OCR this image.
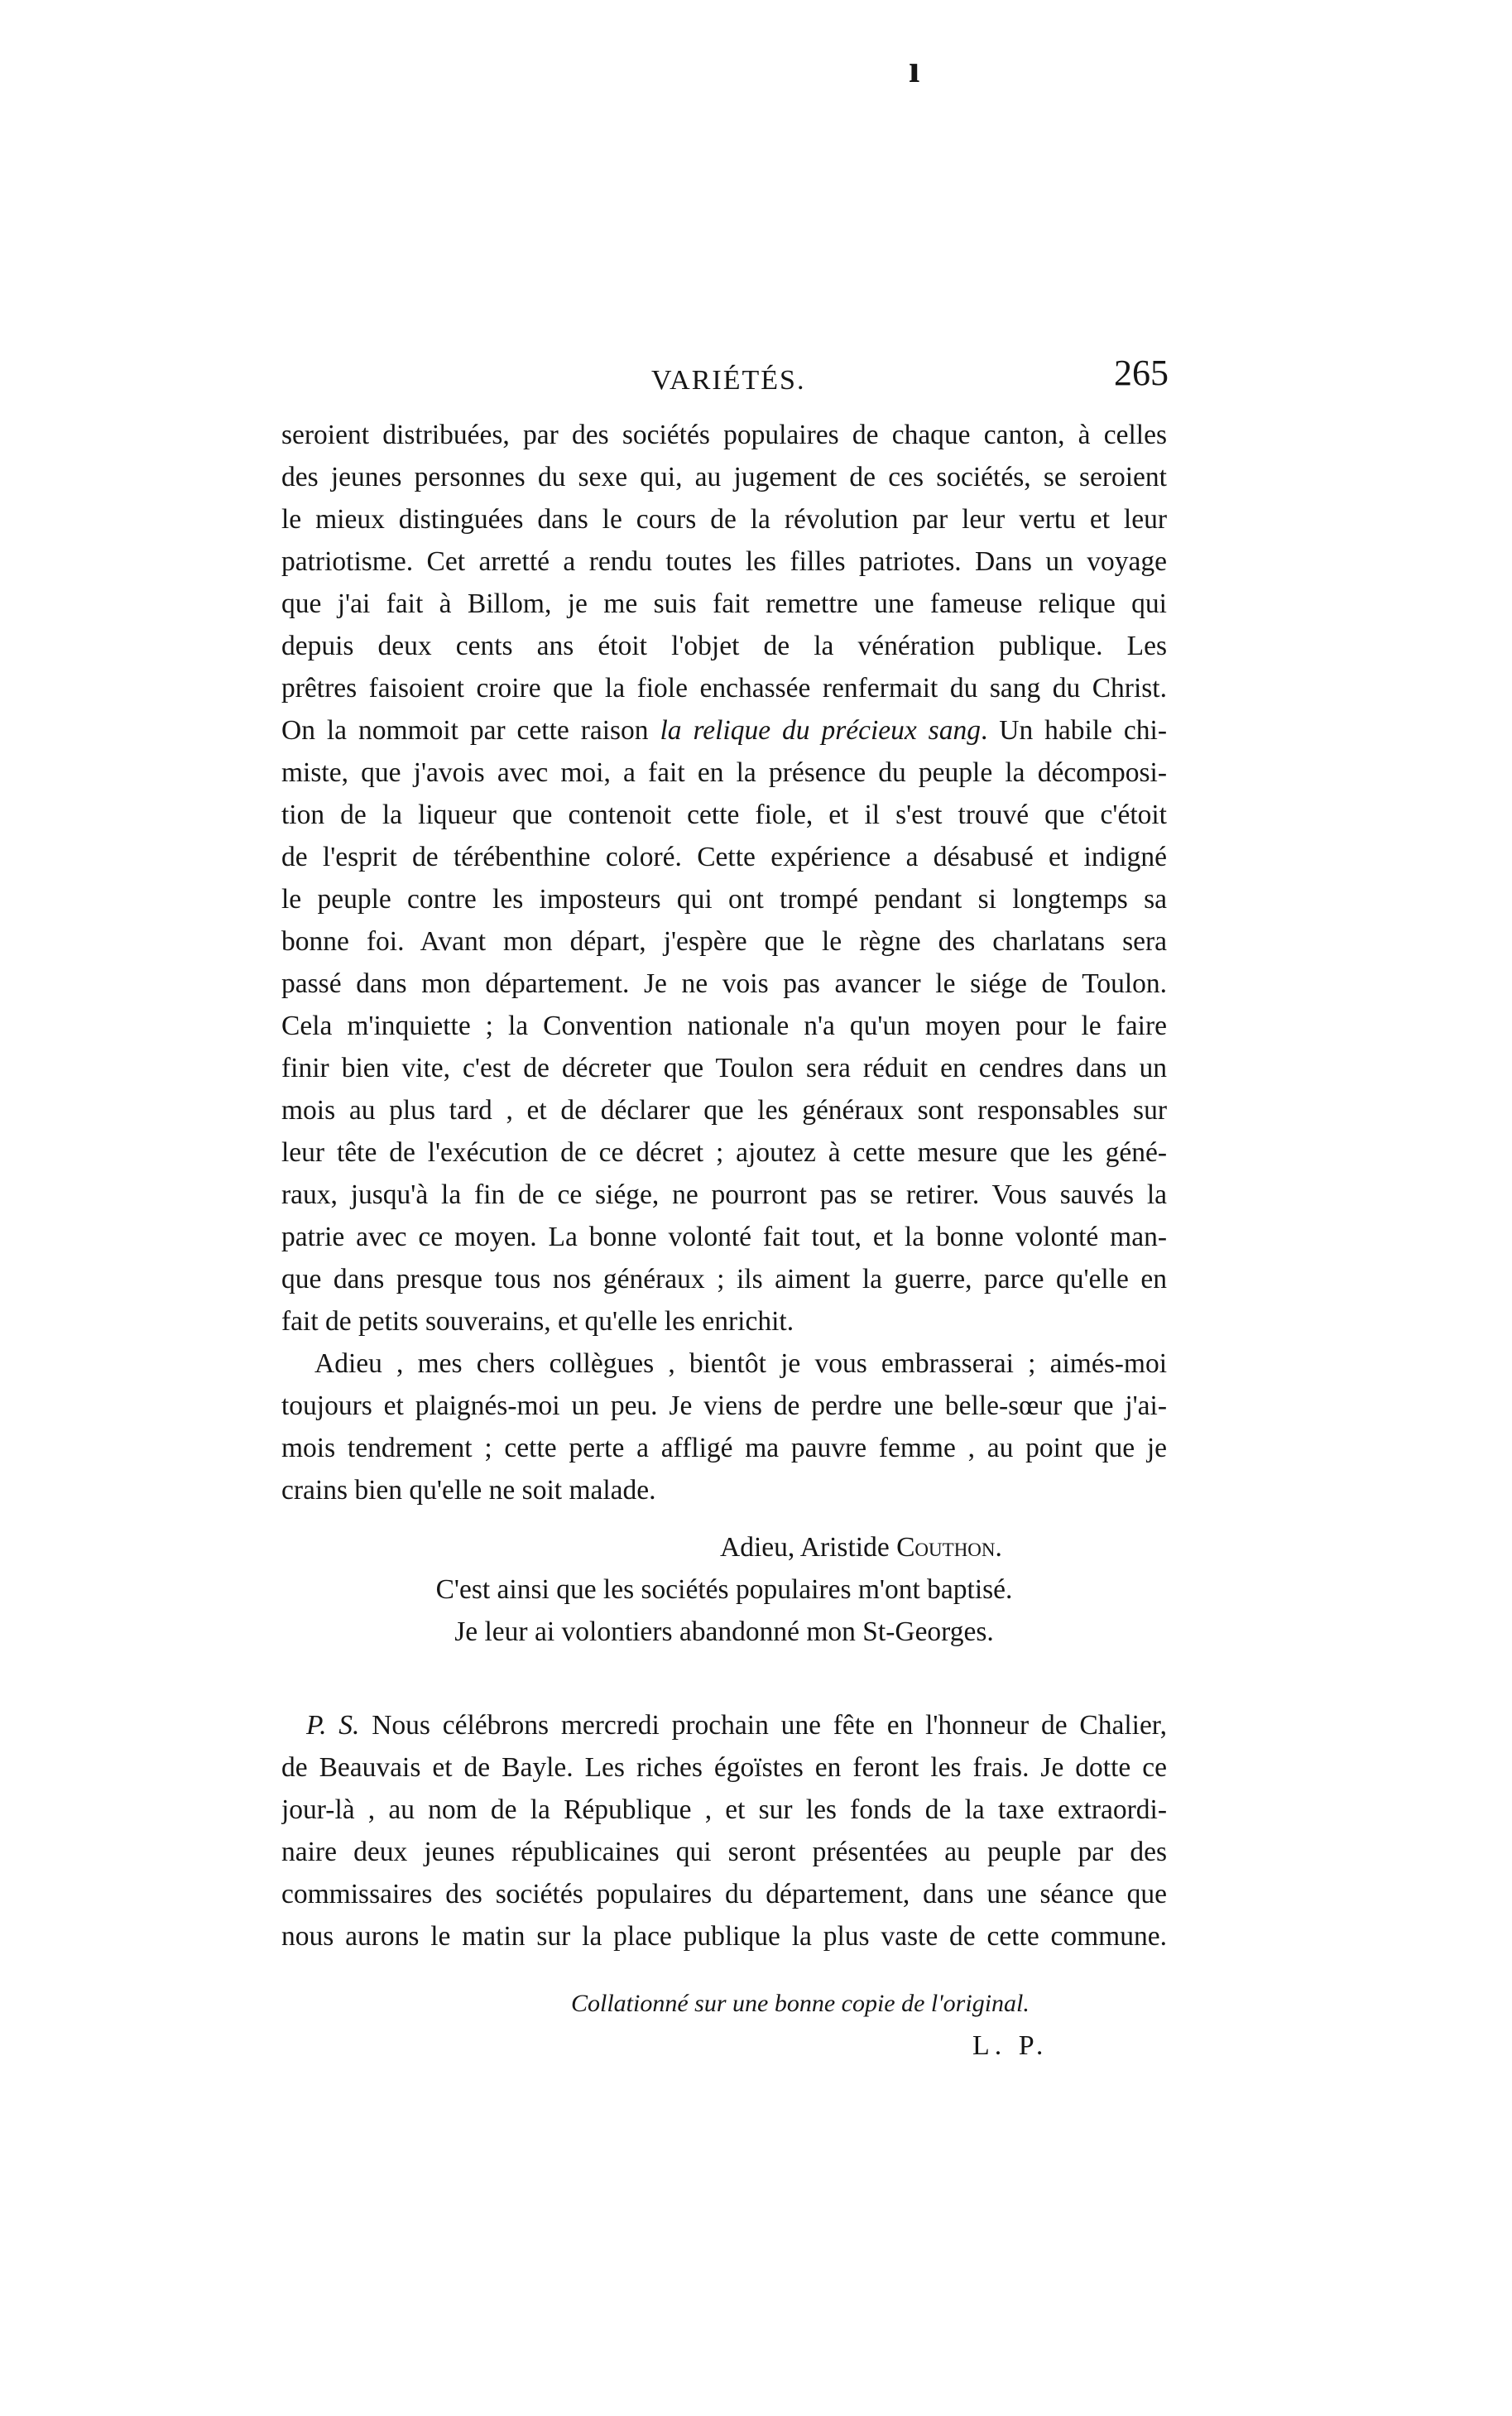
ı
VARIÉTÉS.	265
seroient distribuées, par des sociétés populaires de chaque canton, à celles
des jeunes personnes du sexe qui, au jugement de ces sociétés, se seroient
le mieux distinguées dans le cours de la révolution par leur vertu et leur
patriotisme. Cet arretté a rendu toutes les filles patriotes. Dans un voyage
que j'ai fait à Billom, je me suis fait remettre une fameuse relique qui
depuis deux cents ans étoit l'objet de la vénération publique. Les
prêtres faisoient croire que la fiole enchassée renfermait du sang du Christ.
On la nommoit par cette raison la relique du précieux sang. Un habile chi-
miste, que j'avois avec moi, a fait en la présence du peuple la décomposi-
tion de la liqueur que contenoit cette fiole, et il s'est trouvé que c'étoit
de l'esprit de térébenthine coloré. Cette expérience a désabusé et indigné
le peuple contre les imposteurs qui ont trompé pendant si longtemps sa
bonne foi. Avant mon départ, j'espère que le règne des charlatans sera
passé dans mon département. Je ne vois pas avancer le siége de Toulon.
Cela m'inquiette ; la Convention nationale n'a qu'un moyen pour le faire
finir bien vite, c'est de décreter que Toulon sera réduit en cendres dans un
mois au plus tard , et de déclarer que les généraux sont responsables sur
leur tête de l'exécution de ce décret ; ajoutez à cette mesure que les géné-
raux, jusqu'à la fin de ce siége, ne pourront pas se retirer. Vous sauvés la
patrie avec ce moyen. La bonne volonté fait tout, et la bonne volonté man-
que dans presque tous nos généraux ; ils aiment la guerre, parce qu'elle en
fait de petits souverains, et qu'elle les enrichit.
Adieu , mes chers collègues , bientôt je vous embrasserai ; aimés-moi
toujours et plaignés-moi un peu. Je viens de perdre une belle-sœur que j'ai-
mois tendrement ; cette perte a affligé ma pauvre femme , au point que je
crains bien qu'elle ne soit malade.
Adieu, Aristide Couthon.
C'est ainsi que les sociétés populaires m'ont baptisé.
Je leur ai volontiers abandonné mon St-Georges.
P. S. Nous célébrons mercredi prochain une fête en l'honneur de Chalier,
de Beauvais et de Bayle. Les riches égoïstes en feront les frais. Je dotte ce
jour-là , au nom de la République , et sur les fonds de la taxe extraordi-
naire deux jeunes républicaines qui seront présentées au peuple par des
commissaires des sociétés populaires du département, dans une séance que
nous aurons le matin sur la place publique la plus vaste de cette commune.
Collationné sur une bonne copie de l'original.
L. P.
